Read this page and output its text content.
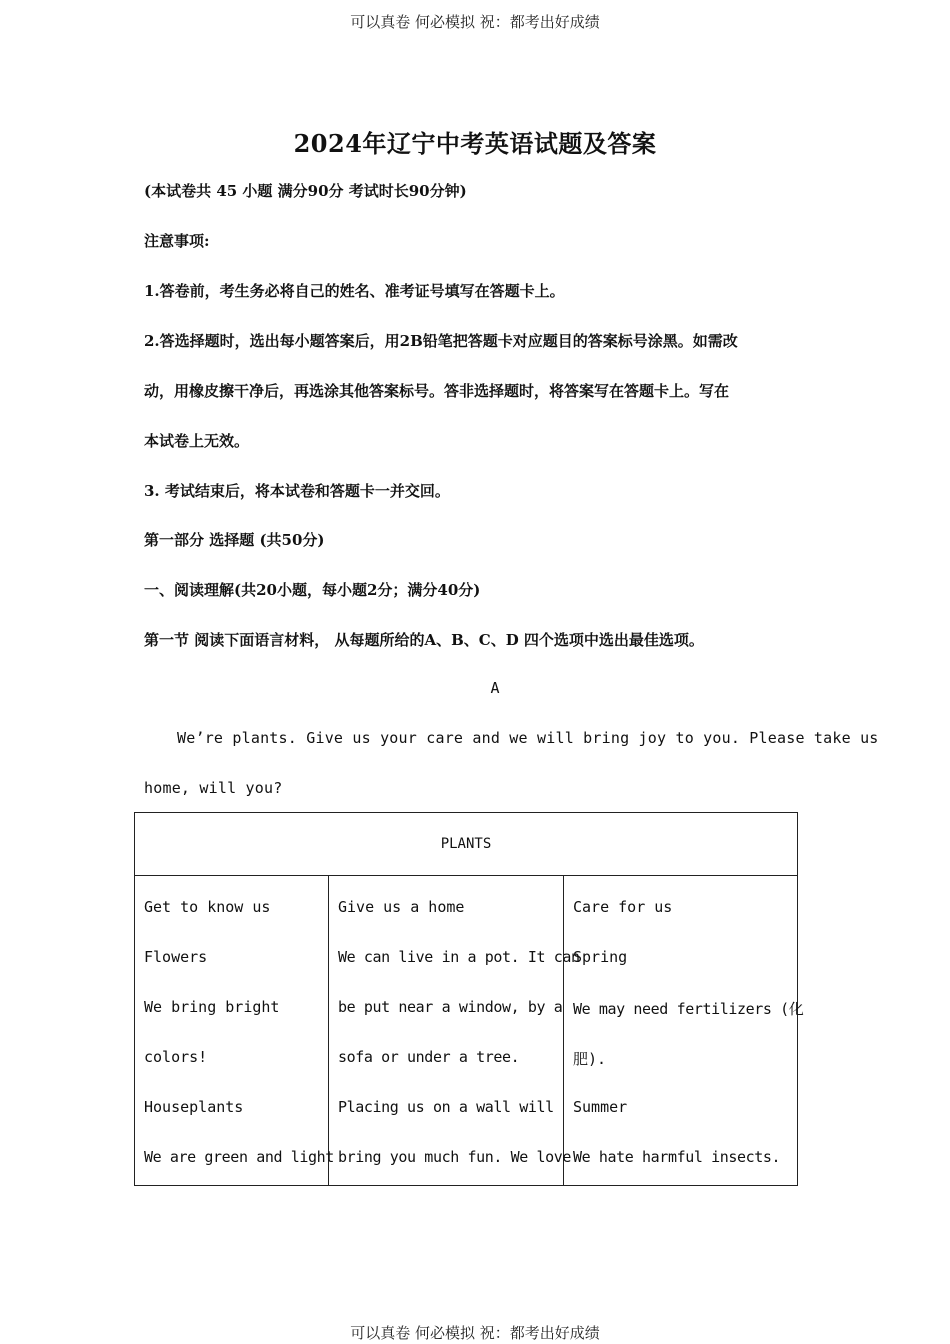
可以真卷 何必模拟 祝：都考出好成绩
2024年辽宁中考英语试题及答案
(本试卷共 45 小题 满分90分 考试时长90分钟)
注意事项:
1.答卷前，考生务必将自己的姓名、准考证号填写在答题卡上。
2.答选择题时，选出每小题答案后，用2B铅笔把答题卡对应题目的答案标号涂黑。如需改
动，用橡皮擦干净后，再选涂其他答案标号。答非选择题时，将答案写在答题卡上。写在
本试卷上无效。
3. 考试结束后，将本试卷和答题卡一并交回。
第一部分 选择题 (共50分)
一、阅读理解(共20小题，每小题2分；满分40分)
第一节 阅读下面语言材料， 从每题所给的A、B、C、D 四个选项中选出最佳选项。
A
We’re plants. Give us your care and we will bring joy to you. Please take us
home, will you?
PLANTS
Get to know us
Flowers
We bring bright
colors!
Houseplants
We are green and light
Give us a home
We can live in a pot. It can
be put near a window, by a
sofa or under a tree.
Placing us on a wall will
bring you much fun. We love
Care for us
Spring
We may need fertilizers (化
肥).
Summer
We hate harmful insects.
可以真卷 何必模拟 祝：都考出好成绩
